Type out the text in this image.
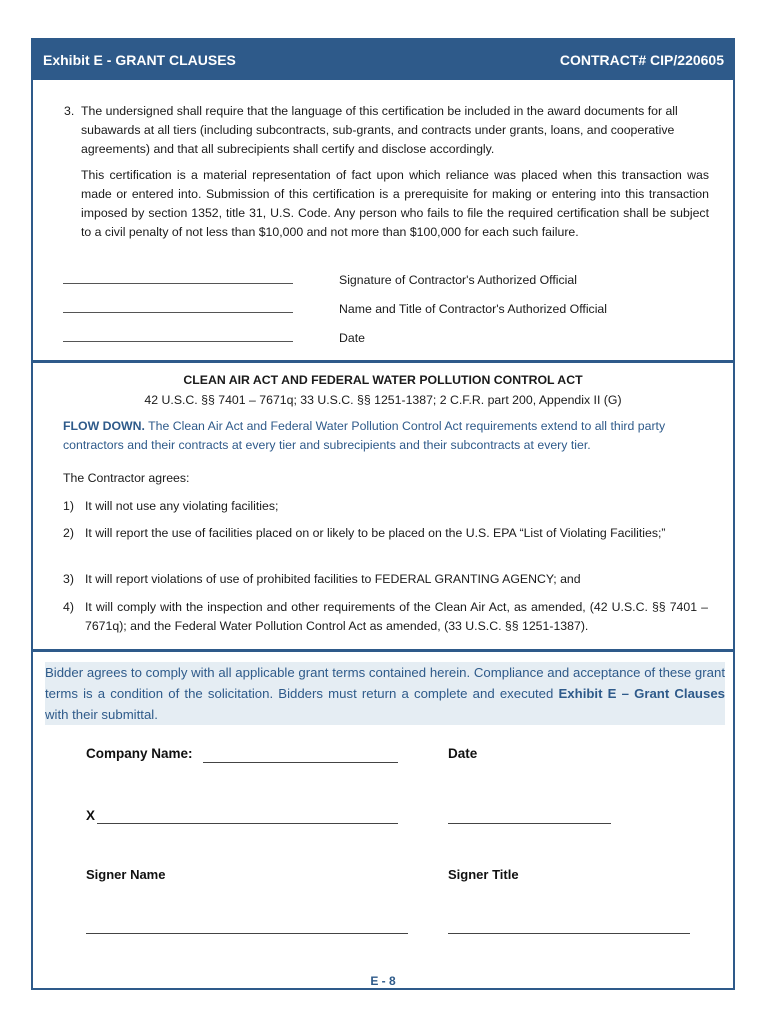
Exhibit E - GRANT CLAUSES	CONTRACT# CIP/220605
3. The undersigned shall require that the language of this certification be included in the award documents for all subawards at all tiers (including subcontracts, sub-grants, and contracts under grants, loans, and cooperative agreements) and that all subrecipients shall certify and disclose accordingly.
This certification is a material representation of fact upon which reliance was placed when this transaction was made or entered into. Submission of this certification is a prerequisite for making or entering into this transaction imposed by section 1352, title 31, U.S. Code. Any person who fails to file the required certification shall be subject to a civil penalty of not less than $10,000 and not more than $100,000 for each such failure.
Signature of Contractor's Authorized Official
Name and Title of Contractor's Authorized Official
Date
CLEAN AIR ACT AND FEDERAL WATER POLLUTION CONTROL ACT
42 U.S.C. §§ 7401 – 7671q; 33 U.S.C. §§ 1251-1387; 2 C.F.R. part 200, Appendix II (G)
FLOW DOWN. The Clean Air Act and Federal Water Pollution Control Act requirements extend to all third party contractors and their contracts at every tier and subrecipients and their subcontracts at every tier.
The Contractor agrees:
1) It will not use any violating facilities;
2) It will report the use of facilities placed on or likely to be placed on the U.S. EPA “List of Violating Facilities;”
3) It will report violations of use of prohibited facilities to FEDERAL GRANTING AGENCY; and
4) It will comply with the inspection and other requirements of the Clean Air Act, as amended, (42 U.S.C. §§ 7401 – 7671q); and the Federal Water Pollution Control Act as amended, (33 U.S.C. §§ 1251-1387).
Bidder agrees to comply with all applicable grant terms contained herein. Compliance and acceptance of these grant terms is a condition of the solicitation. Bidders must return a complete and executed Exhibit E – Grant Clauses with their submittal.
Company Name:	Date
X
Signer Name	Signer Title
E - 8
